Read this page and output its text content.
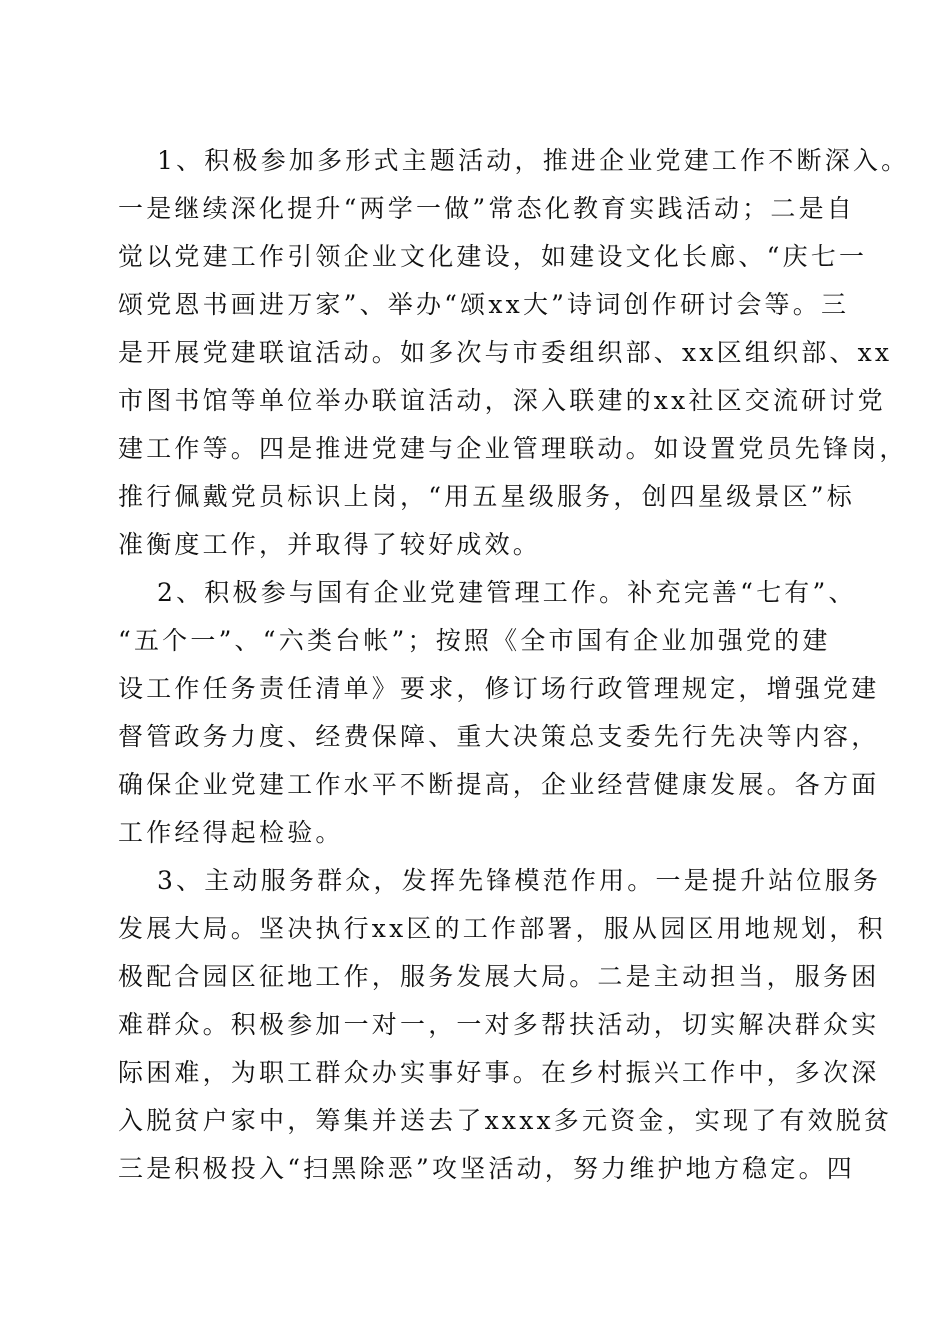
1、积极参加多形式主题活动，推进企业党建工作不断深入。
一是继续深化提升“两学一做”常态化教育实践活动；二是自
觉以党建工作引领企业文化建设，如建设文化长廊、“庆七一
颂党恩书画进万家”、举办“颂xx大”诗词创作研讨会等。三
是开展党建联谊活动。如多次与市委组织部、xx区组织部、xx
市图书馆等单位举办联谊活动，深入联建的xx社区交流研讨党
建工作等。四是推进党建与企业管理联动。如设置党员先锋岗，
推行佩戴党员标识上岗，“用五星级服务，创四星级景区”标
准衡度工作，并取得了较好成效。
2、积极参与国有企业党建管理工作。补充完善“七有”、
“五个一”、“六类台帐”；按照《全市国有企业加强党的建
设工作任务责任清单》要求，修订场行政管理规定，增强党建
督管政务力度、经费保障、重大决策总支委先行先决等内容，
确保企业党建工作水平不断提高，企业经营健康发展。各方面
工作经得起检验。
3、主动服务群众，发挥先锋模范作用。一是提升站位服务
发展大局。坚决执行xx区的工作部署，服从园区用地规划，积
极配合园区征地工作，服务发展大局。二是主动担当，服务困
难群众。积极参加一对一，一对多帮扶活动，切实解决群众实
际困难，为职工群众办实事好事。在乡村振兴工作中，多次深
入脱贫户家中，筹集并送去了xxxx多元资金，实现了有效脱贫
三是积极投入“扫黑除恶”攻坚活动，努力维护地方稳定。四
